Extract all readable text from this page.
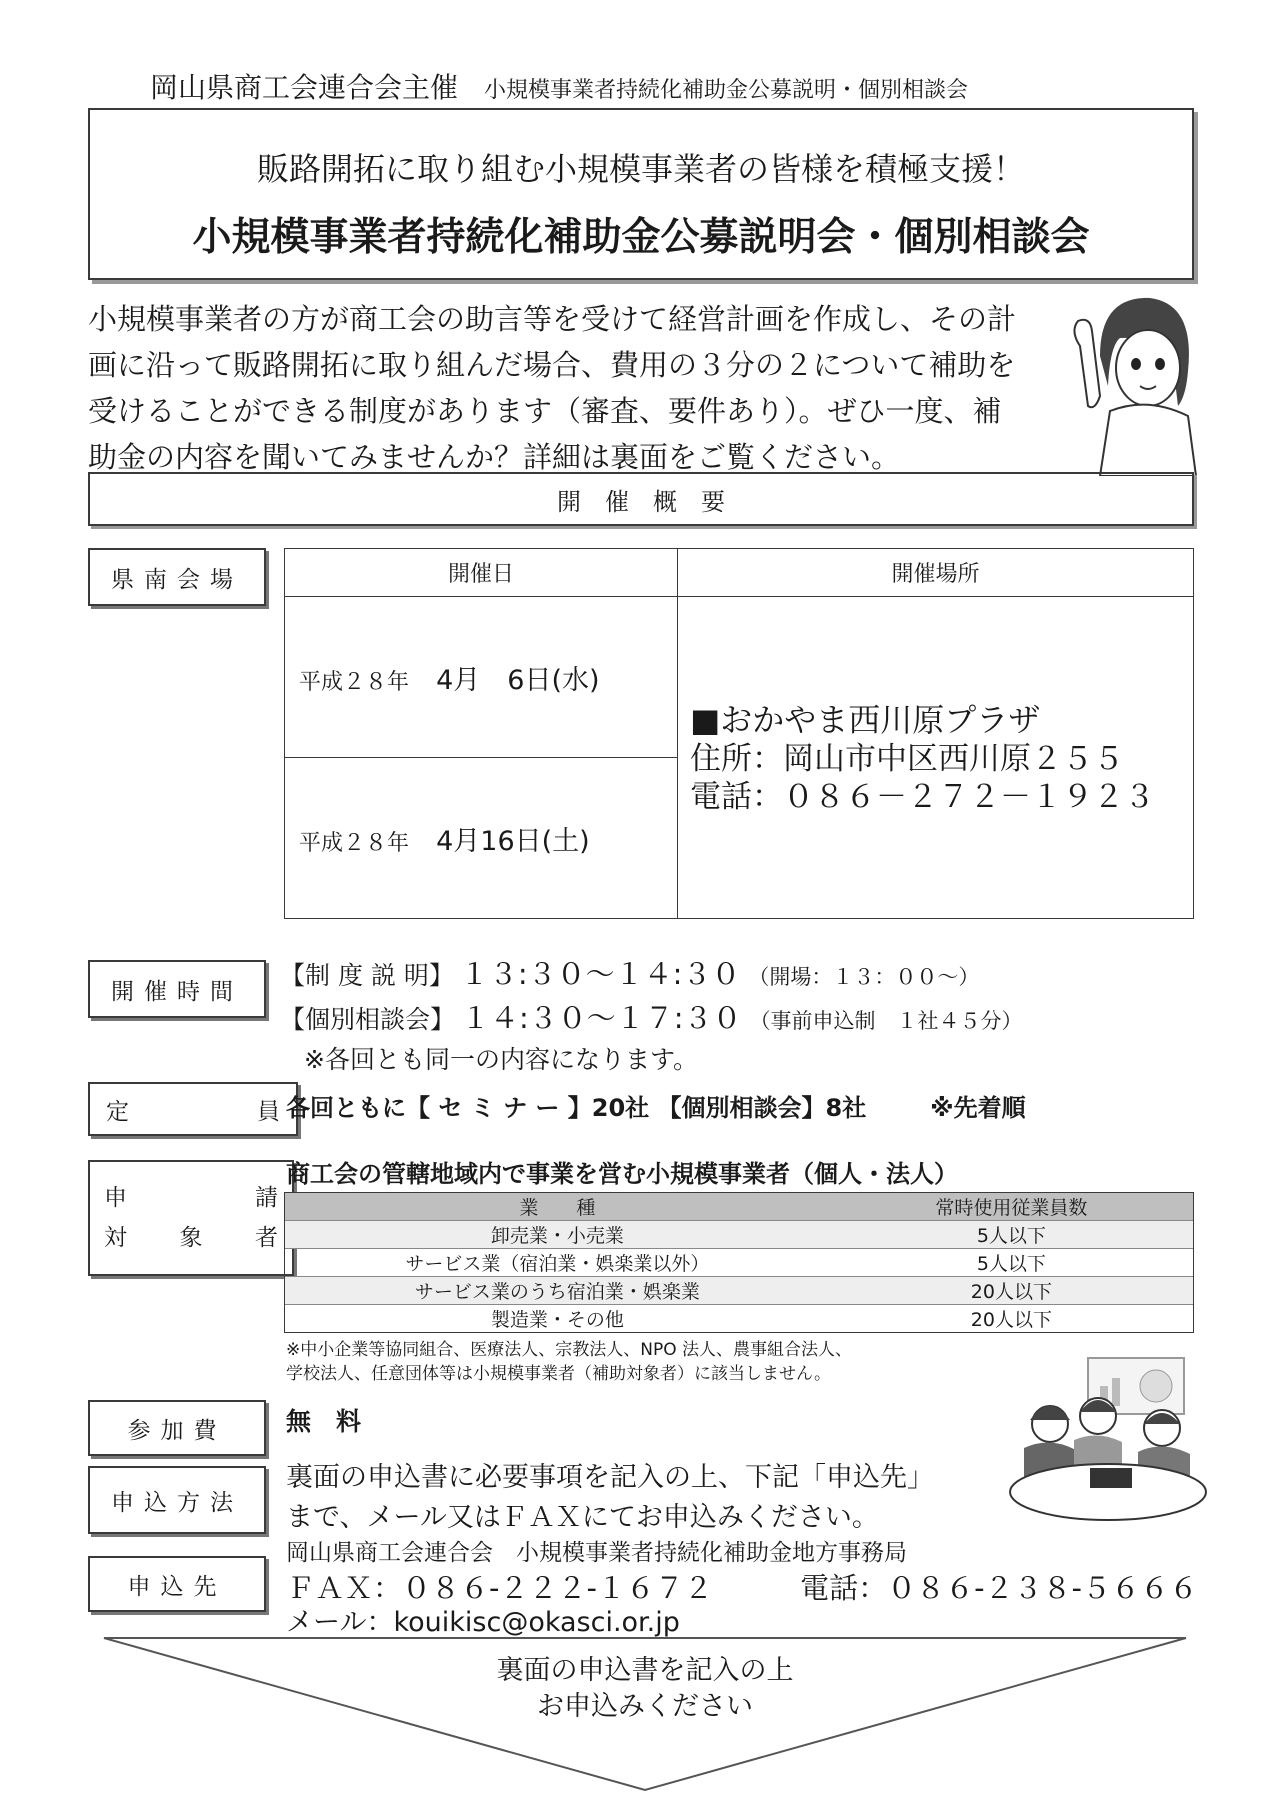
岡山県商工会連合会主催 小規模事業者持続化補助金公募説明・個別相談会
販路開拓に取り組む小規模事業者の皆様を積極支援！
小規模事業者持続化補助金公募説明会・個別相談会
小規模事業者の方が商工会の助言等を受けて経営計画を作成し、その計
画に沿って販路開拓に取り組んだ場合、費用の３分の２について補助を
受けることができる制度があります（審査、要件あり）。ぜひ一度、補
助金の内容を聞いてみませんか？詳細は裏面をご覧ください。
開　催　概　要
県南会場	開催日	開催場所
平成２８年 4月　6日(水)	■おかやま西川原プラザ
住所：岡山市中区西川原２５５
電話：０８６－２７２－１９２３

平成２８年 4月16日(土)	
開催時間
【制 度 説 明】 １３:３０～１４:３０ （開場：１３：００～）
【個別相談会】 １４:３０～１７:３０ （事前申込制　１社４５分）
※各回とも同一の内容になります。
定	員 各回ともに【 セ ミ ナ ー 】20社 【個別相談会】8社	※先着順
申	請
対 象 者
商工会の管轄地域内で事業を営む小規模事業者（個人・法人）
業　　種	常時使用従業員数
卸売業・小売業	5人以下
サービス業（宿泊業・娯楽業以外）	5人以下
サービス業のうち宿泊業・娯楽業	20人以下
製造業・その他	20人以下
※中小企業等協同組合、医療法人、宗教法人、NPO 法人、農事組合法人、
学校法人、任意団体等は小規模事業者（補助対象者）に該当しません。
参加費 無　料
申込方法
裏面の申込書に必要事項を記入の上、下記「申込先」
まで、メール又はＦＡＸにてお申込みください。
申込先
岡山県商工会連合会　小規模事業者持続化補助金地方事務局
ＦＡＸ：０８６-２２２-１６７２	電話：０８６-２３８-５６６６
メール：kouikisc@okasci.or.jp
裏面の申込書を記入の上
お申込みください
